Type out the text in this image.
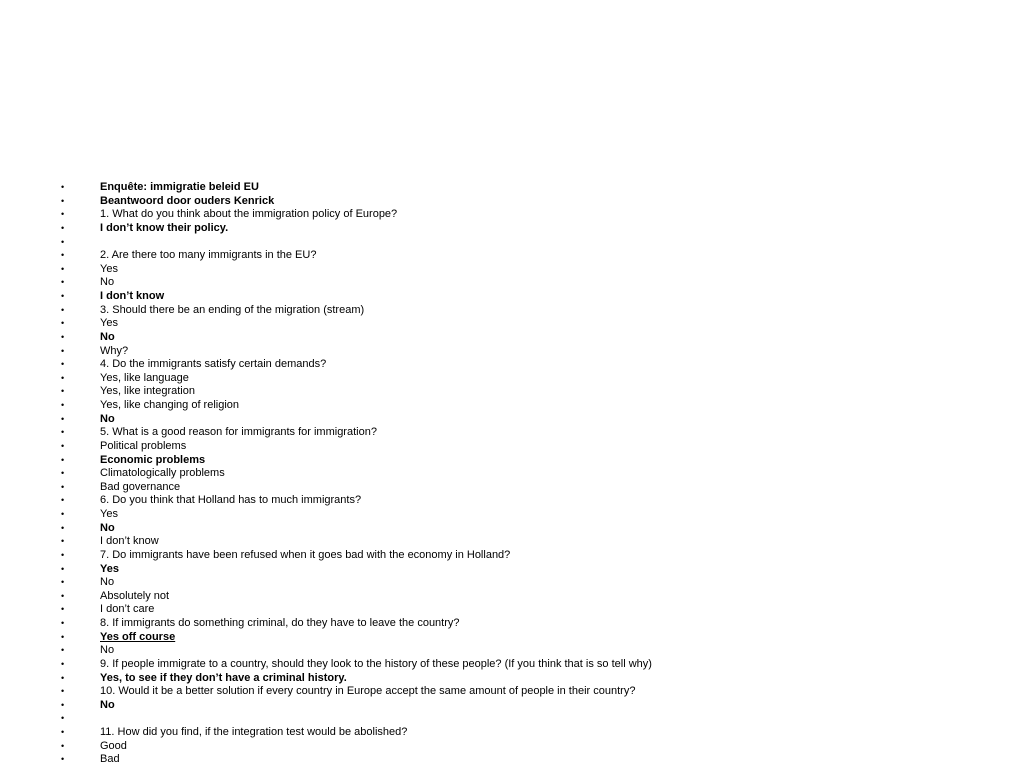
•	Enquête: immigratie beleid EU
•	Beantwoord door ouders Kenrick
•	1. What do you think about the immigration policy of Europe?
•	I don’t know their policy.
•
•	2. Are there too many immigrants in the EU?
•	Yes
•	No
•	I don’t know
•	3. Should there be an ending of the migration (stream)
•	Yes
•	No
•	Why?
•	4. Do the immigrants satisfy certain demands?
•	Yes, like language
•	Yes, like integration
•	Yes, like changing of religion
•	No
•	5. What is a good reason for immigrants for immigration?
•	Political problems
•	Economic problems
•	Climatologically problems
•	Bad governance
•	6. Do you think that Holland has to much immigrants?
•	Yes
•	No
•	I don’t know
•	7. Do immigrants have been refused when it goes bad with the economy in Holland?
•	Yes
•	No
•	Absolutely not
•	I don’t care
•	8. If immigrants do something criminal, do they have to leave the country?
•	Yes off course
•	No
•	9. If people immigrate to a country, should they look to the history of these people? (If you think that is so tell why)
•	Yes, to see if they don’t have a criminal history.
•	10. Would it be a better solution if every country in Europe accept the same amount of people in their country?
•	No
•
•	11. How did you find, if the integration test would be abolished?
•	Good
•	Bad
